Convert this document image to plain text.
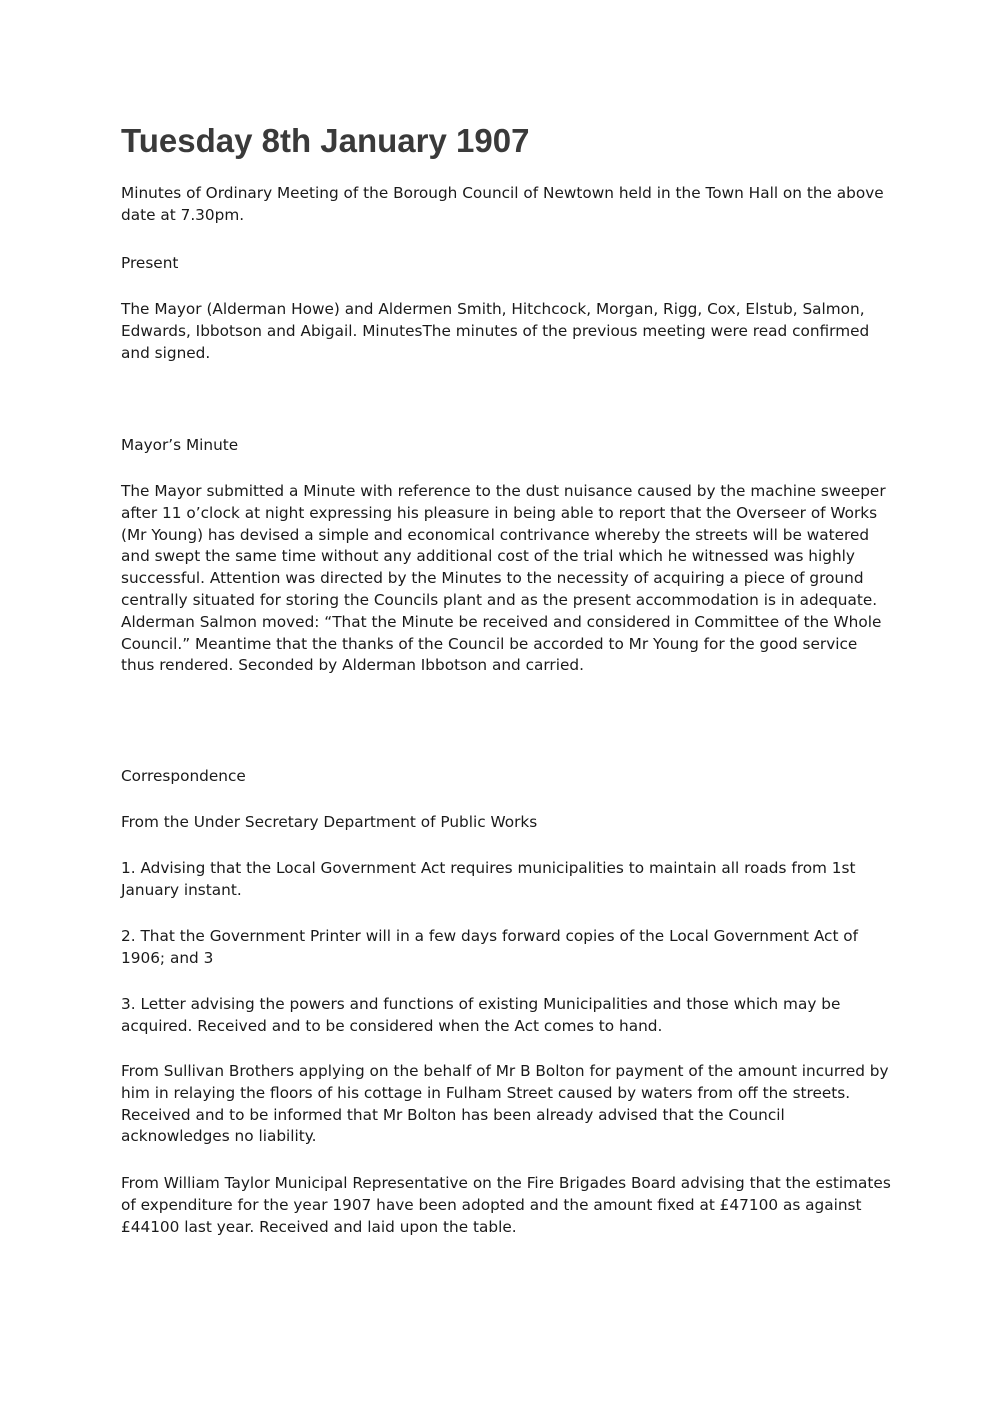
Tuesday 8th January 1907

Minutes of Ordinary Meeting of the Borough Council of Newtown held in the Town Hall on the above date at 7.30pm.

Present

The Mayor (Alderman Howe) and Aldermen Smith, Hitchcock, Morgan, Rigg, Cox, Elstub, Salmon, Edwards, Ibbotson and Abigail. MinutesThe minutes of the previous meeting were read confirmed and signed.

Mayor’s Minute

The Mayor submitted a Minute with reference to the dust nuisance caused by the machine sweeper after 11 o’clock at night expressing his pleasure in being able to report that the Overseer of Works (Mr Young) has devised a simple and economical contrivance whereby the streets will be watered and swept the same time without any additional cost of the trial which he witnessed was highly successful. Attention was directed by the Minutes to the necessity of acquiring a piece of ground centrally situated for storing the Councils plant and as the present accommodation is in adequate. Alderman Salmon moved: “That the Minute be received and considered in Committee of the Whole Council.” Meantime that the thanks of the Council be accorded to Mr Young for the good service thus rendered. Seconded by Alderman Ibbotson and carried.

Correspondence

From the Under Secretary Department of Public Works

1. Advising that the Local Government Act requires municipalities to maintain all roads from 1st January instant.

2. That the Government Printer will in a few days forward copies of the Local Government Act of 1906; and 3

3. Letter advising the powers and functions of existing Municipalities and those which may be acquired. Received and to be considered when the Act comes to hand.

From Sullivan Brothers applying on the behalf of Mr B Bolton for payment of the amount incurred by him in relaying the floors of his cottage in Fulham Street caused by waters from off the streets. Received and to be informed that Mr Bolton has been already advised that the Council acknowledges no liability.

From William Taylor Municipal Representative on the Fire Brigades Board advising that the estimates of expenditure for the year 1907 have been adopted and the amount fixed at £47100 as against £44100 last year. Received and laid upon the table.
